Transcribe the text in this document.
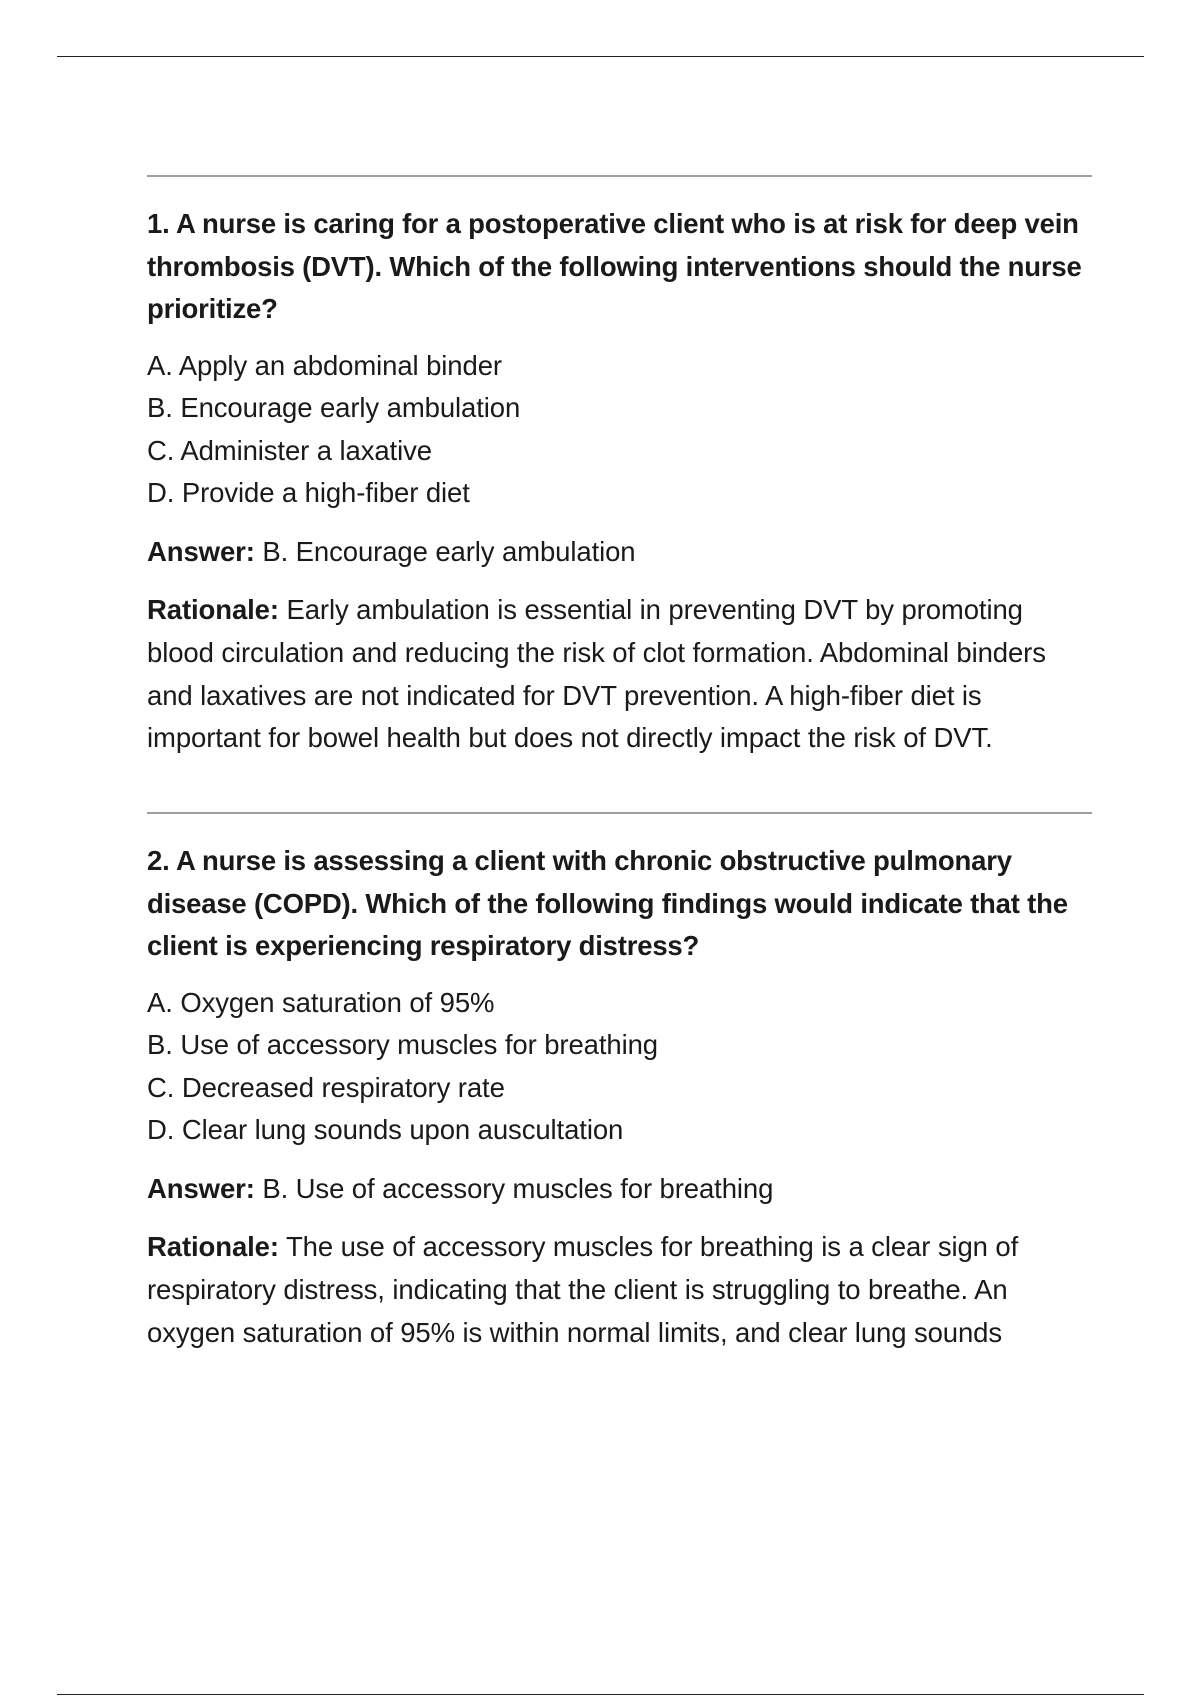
1. A nurse is caring for a postoperative client who is at risk for deep vein thrombosis (DVT). Which of the following interventions should the nurse prioritize?

A. Apply an abdominal binder
B. Encourage early ambulation
C. Administer a laxative
D. Provide a high-fiber diet

Answer: B. Encourage early ambulation

Rationale: Early ambulation is essential in preventing DVT by promoting blood circulation and reducing the risk of clot formation. Abdominal binders and laxatives are not indicated for DVT prevention. A high-fiber diet is important for bowel health but does not directly impact the risk of DVT.

2. A nurse is assessing a client with chronic obstructive pulmonary disease (COPD). Which of the following findings would indicate that the client is experiencing respiratory distress?

A. Oxygen saturation of 95%
B. Use of accessory muscles for breathing
C. Decreased respiratory rate
D. Clear lung sounds upon auscultation

Answer: B. Use of accessory muscles for breathing

Rationale: The use of accessory muscles for breathing is a clear sign of respiratory distress, indicating that the client is struggling to breathe. An oxygen saturation of 95% is within normal limits, and clear lung sounds
